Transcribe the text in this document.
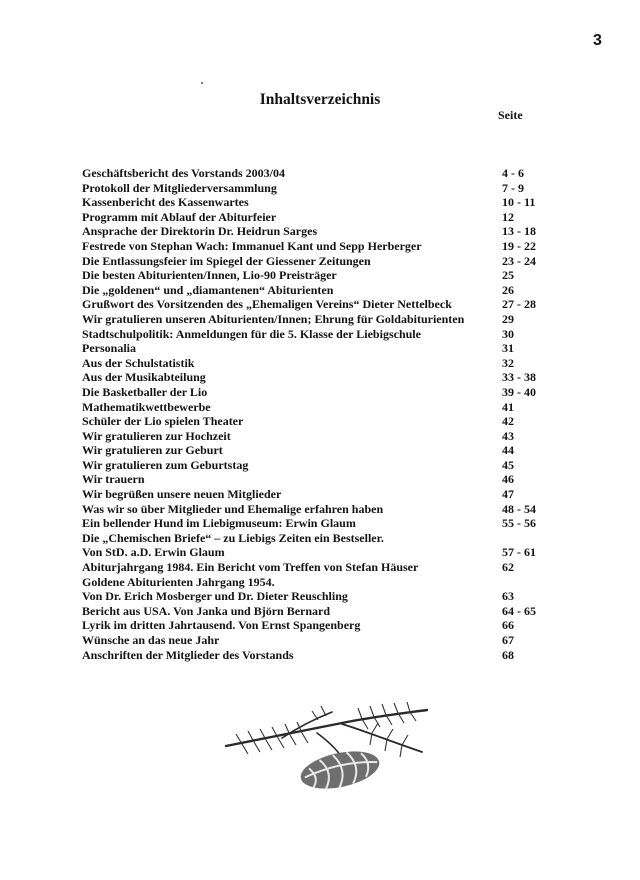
3
Inhaltsverzeichnis
Seite
Geschäftsbericht des Vorstands 2003/04	4 - 6
Protokoll der Mitgliederversammlung	7 - 9
Kassenbericht des Kassenwartes	10 - 11
Programm mit Ablauf der Abiturfeier	12
Ansprache der Direktorin Dr. Heidrun Sarges	13 - 18
Festrede von Stephan Wach: Immanuel Kant und Sepp Herberger	19 - 22
Die Entlassungsfeier im Spiegel der Giessener Zeitungen	23 - 24
Die besten Abiturienten/Innen, Lio-90 Preisträger	25
Die „goldenen“ und „diamantenen“ Abiturienten	26
Grußwort des Vorsitzenden des „Ehemaligen Vereins“ Dieter Nettelbeck	27 - 28
Wir gratulieren unseren Abiturienten/Innen; Ehrung für Goldabiturienten	29
Stadtschulpolitik: Anmeldungen für die 5. Klasse der Liebigschule	30
Personalia	31
Aus der Schulstatistik	32
Aus der Musikabteilung	33 - 38
Die Basketballer der Lio	39 - 40
Mathematikwettbewerbe	41
Schüler der Lio spielen Theater	42
Wir gratulieren zur Hochzeit	43
Wir gratulieren zur Geburt	44
Wir gratulieren zum Geburtstag	45
Wir trauern	46
Wir begrüßen unsere neuen Mitglieder	47
Was wir so über Mitglieder und Ehemalige erfahren haben	48 - 54
Ein bellender Hund im Liebigmuseum: Erwin Glaum	55 - 56
Die „Chemischen Briefe“ – zu Liebigs Zeiten ein Bestseller.
Von StD. a.D. Erwin Glaum	57 - 61
Abiturjahrgang 1984. Ein Bericht vom Treffen von Stefan Häuser	62
Goldene Abiturienten Jahrgang 1954.
Von Dr. Erich Mosberger und Dr. Dieter Reuschling	63
Bericht aus USA. Von Janka und Björn Bernard	64 - 65
Lyrik im dritten Jahrtausend. Von Ernst Spangenberg	66
Wünsche an das neue Jahr	67
Anschriften der Mitglieder des Vorstands	68
